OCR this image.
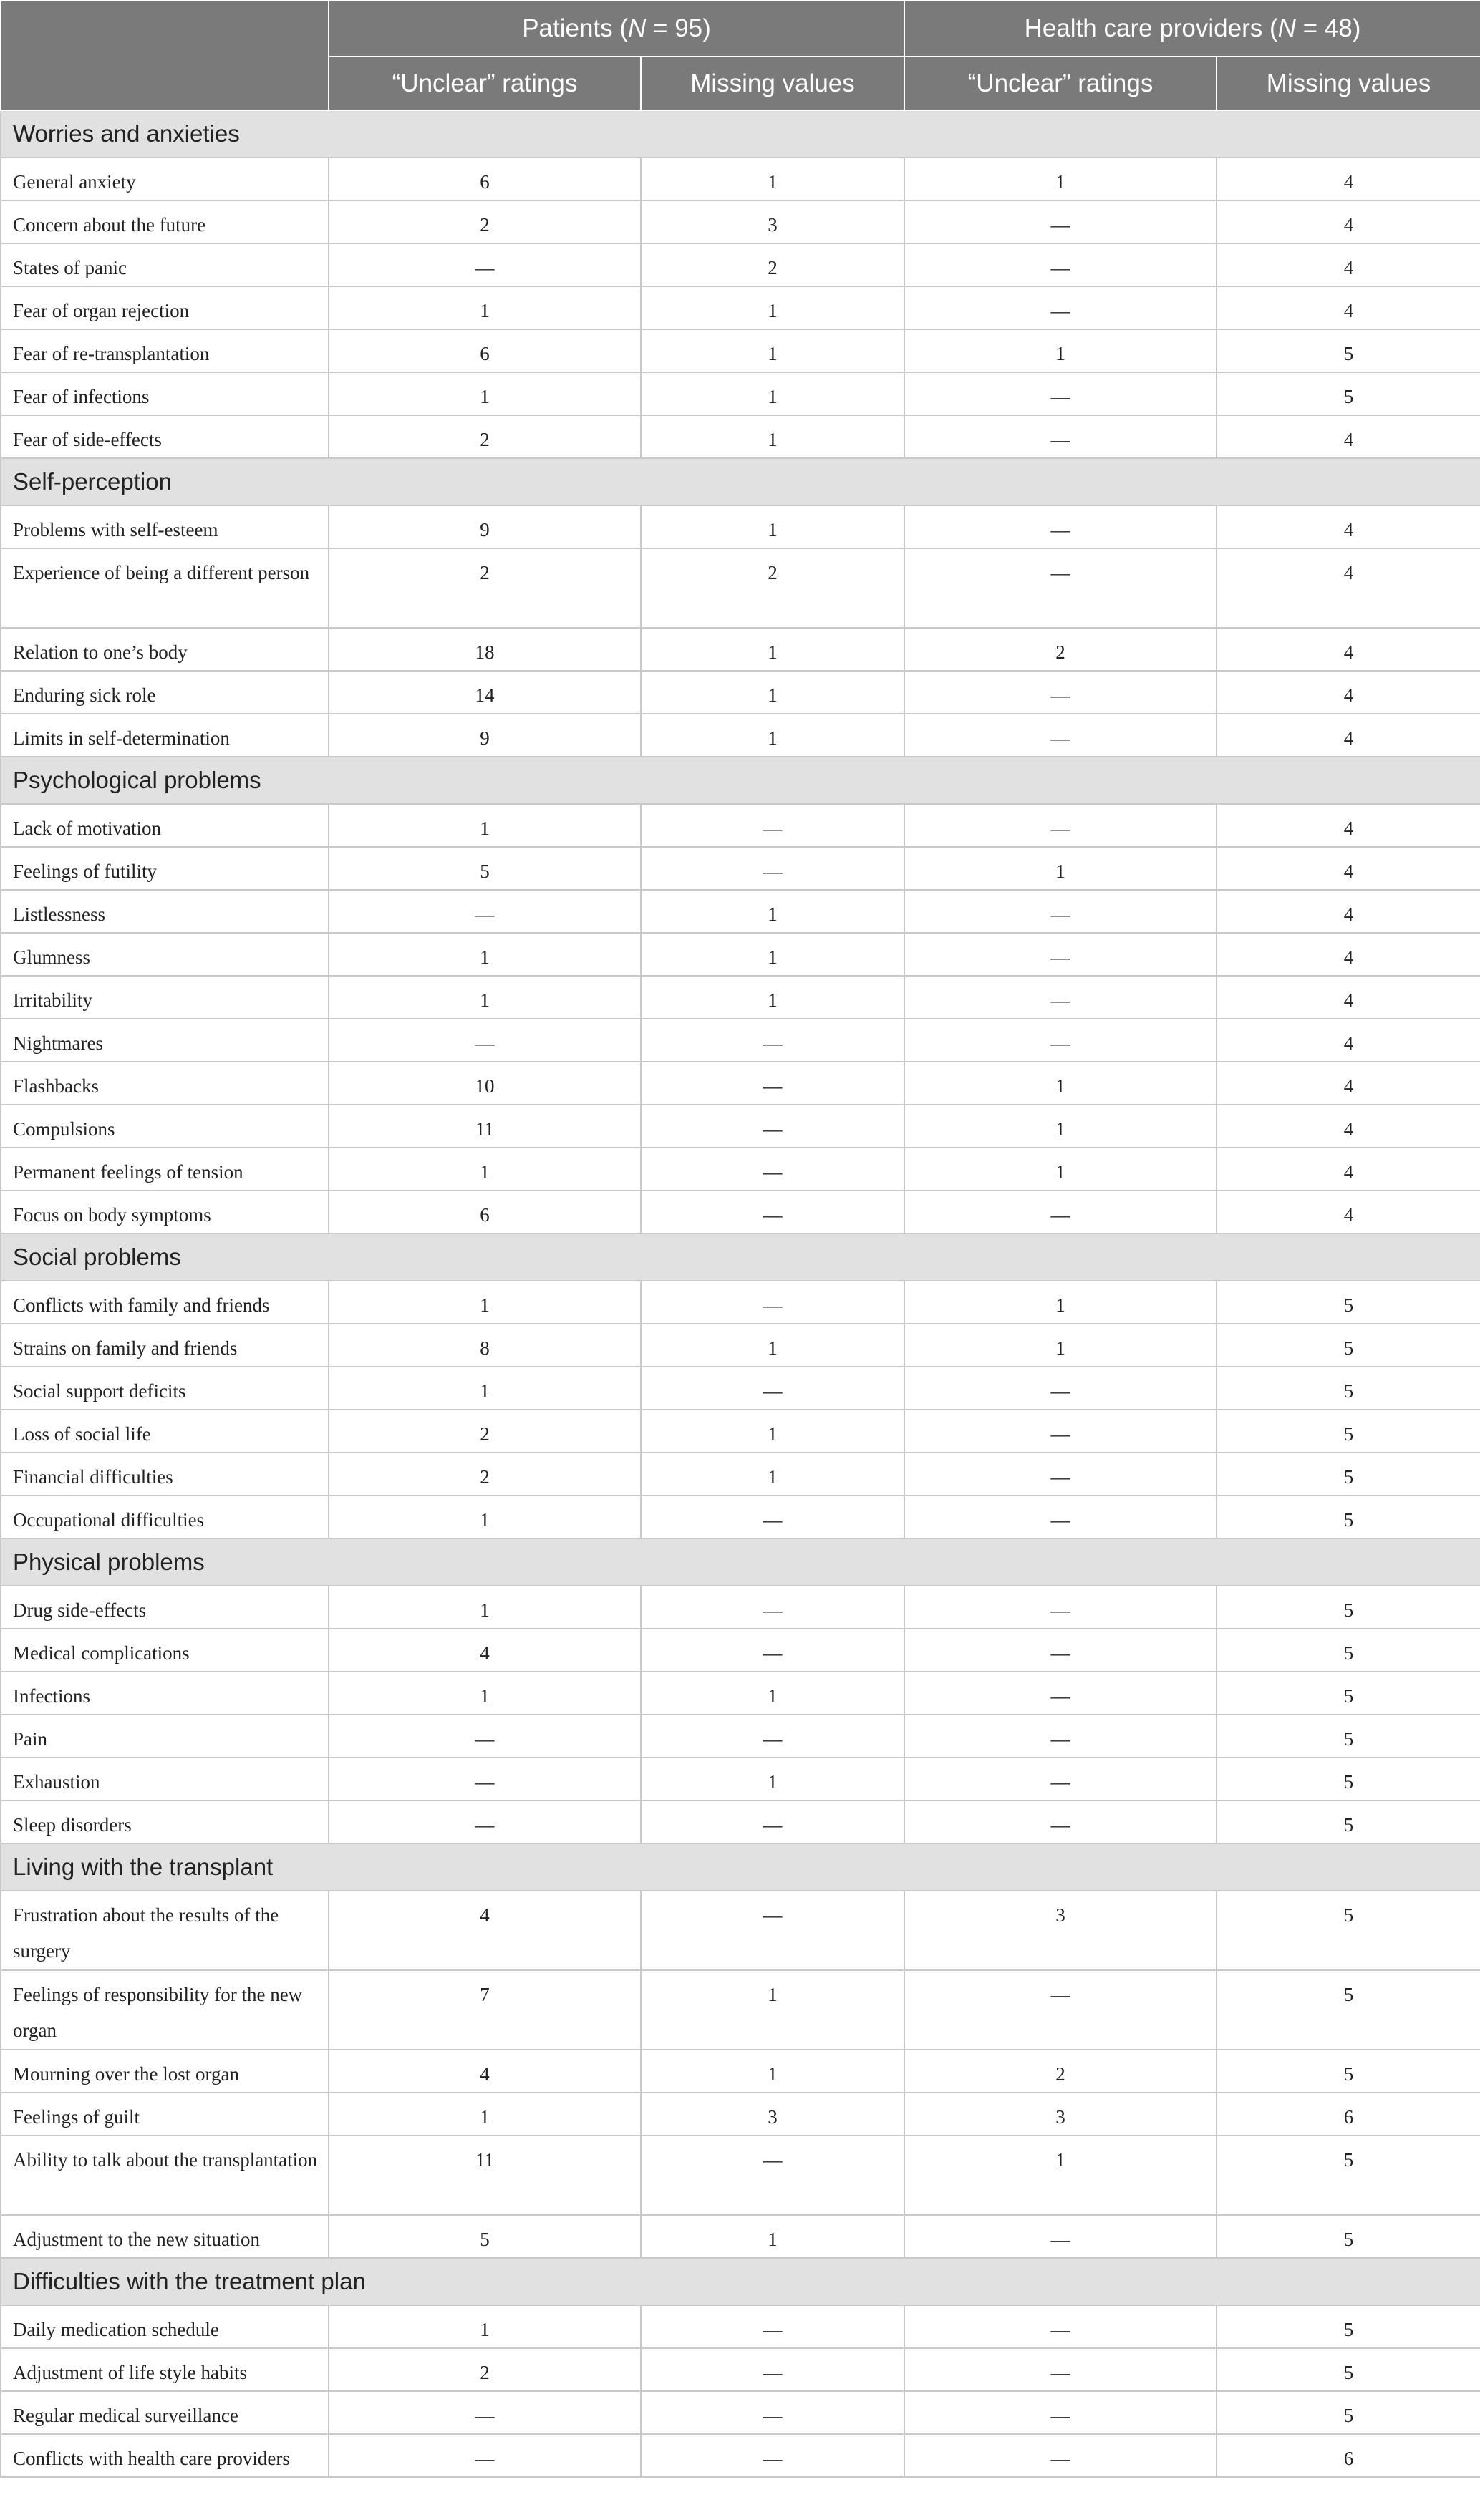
	Patients (N = 95)		Health care providers (N = 48)	
	“Unclear” ratings	Missing values	“Unclear” ratings	Missing values
Worries and anxieties				
General anxiety	6	1	1	4
Concern about the future	2	3	—	4
States of panic	—	2	—	4
Fear of organ rejection	1	1	—	4
Fear of re-transplantation	6	1	1	5
Fear of infections	1	1	—	5
Fear of side-effects	2	1	—	4
Self-perception				
Problems with self-esteem	9	1	—	4
Experience of being a different person	2	2	—	4
Relation to one’s body	18	1	2	4
Enduring sick role	14	1	—	4
Limits in self-determination	9	1	—	4
Psychological problems				
Lack of motivation	1	—	—	4
Feelings of futility	5	—	1	4
Listlessness	—	1	—	4
Glumness	1	1	—	4
Irritability	1	1	—	4
Nightmares	—	—	—	4
Flashbacks	10	—	1	4
Compulsions	11	—	1	4
Permanent feelings of tension	1	—	1	4
Focus on body symptoms	6	—	—	4
Social problems				
Conflicts with family and friends	1	—	1	5
Strains on family and friends	8	1	1	5
Social support deficits	1	—	—	5
Loss of social life	2	1	—	5
Financial difficulties	2	1	—	5
Occupational difficulties	1	—	—	5
Physical problems				
Drug side-effects	1	—	—	5
Medical complications	4	—	—	5
Infections	1	1	—	5
Pain	—	—	—	5
Exhaustion	—	1	—	5
Sleep disorders	—	—	—	5
Living with the transplant				
Frustration about the results of the surgery	4	—	3	5
Feelings of responsibility for the new organ	7	1	—	5
Mourning over the lost organ	4	1	2	5
Feelings of guilt	1	3	3	6
Ability to talk about the transplantation	11	—	1	5
Adjustment to the new situation	5	1	—	5
Difficulties with the treatment plan				
Daily medication schedule	1	—	—	5
Adjustment of life style habits	2	—	—	5
Regular medical surveillance	—	—	—	5
Conflicts with health care providers	—	—	—	6
